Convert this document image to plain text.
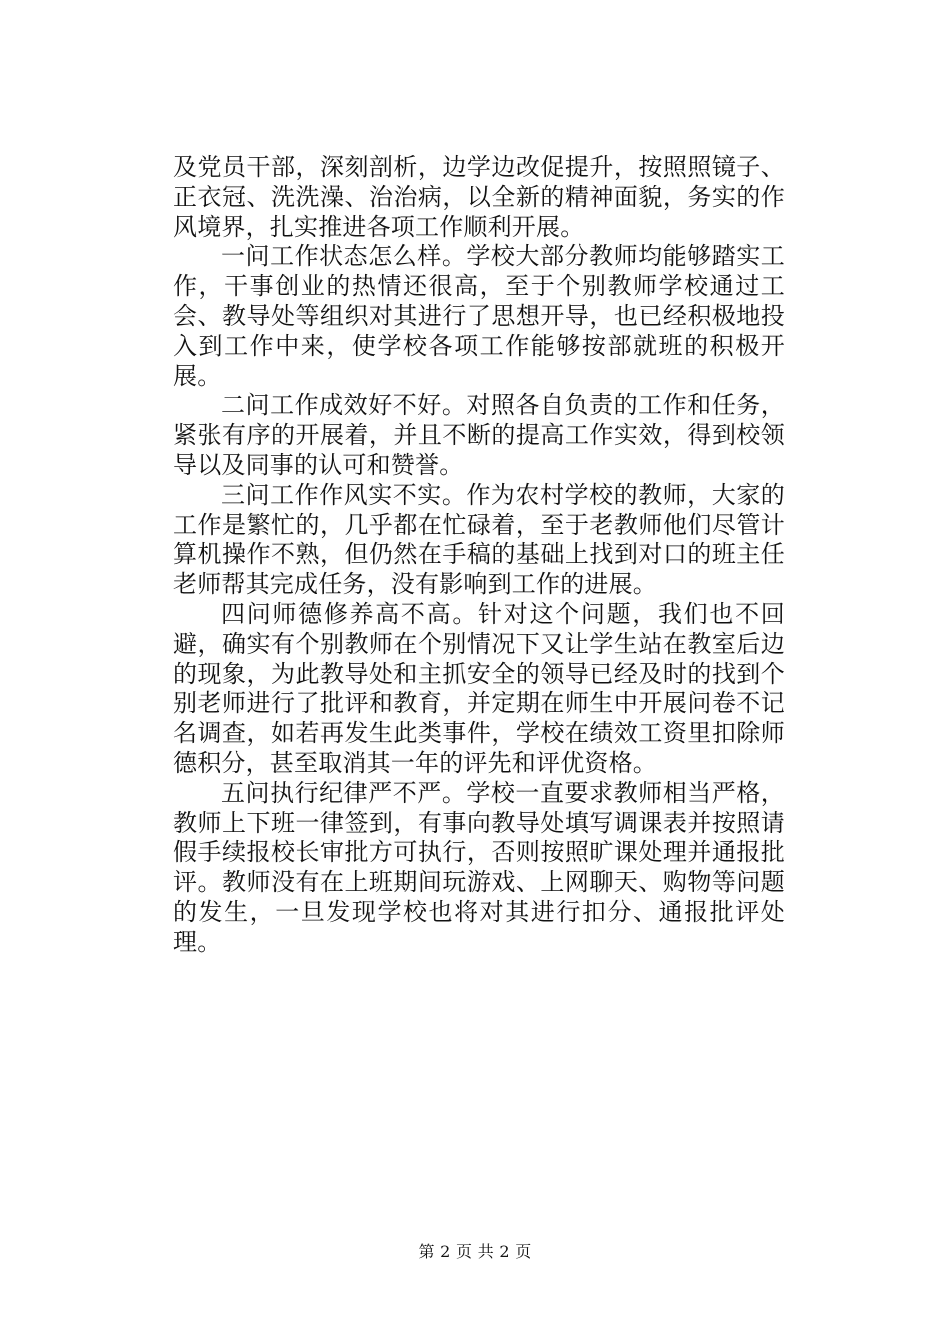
及党员干部，深刻剖析，边学边改促提升，按照照镜子、正衣冠、洗洗澡、治治病，以全新的精神面貌，务实的作风境界，扎实推进各项工作顺利开展。

一问工作状态怎么样。学校大部分教师均能够踏实工作，干事创业的热情还很高，至于个别教师学校通过工会、教导处等组织对其进行了思想开导，也已经积极地投入到工作中来，使学校各项工作能够按部就班的积极开展。

二问工作成效好不好。对照各自负责的工作和任务，紧张有序的开展着，并且不断的提高工作实效，得到校领导以及同事的认可和赞誉。

三问工作作风实不实。作为农村学校的教师，大家的工作是繁忙的，几乎都在忙碌着，至于老教师他们尽管计算机操作不熟，但仍然在手稿的基础上找到对口的班主任老师帮其完成任务，没有影响到工作的进展。

四问师德修养高不高。针对这个问题，我们也不回避，确实有个别教师在个别情况下又让学生站在教室后边的现象，为此教导处和主抓安全的领导已经及时的找到个别老师进行了批评和教育，并定期在师生中开展问卷不记名调查，如若再发生此类事件，学校在绩效工资里扣除师德积分，甚至取消其一年的评先和评优资格。

五问执行纪律严不严。学校一直要求教师相当严格，教师上下班一律签到，有事向教导处填写调课表并按照请假手续报校长审批方可执行，否则按照旷课处理并通报批评。教师没有在上班期间玩游戏、上网聊天、购物等问题的发生，一旦发现学校也将对其进行扣分、通报批评处理。

第 2 页 共 2 页
